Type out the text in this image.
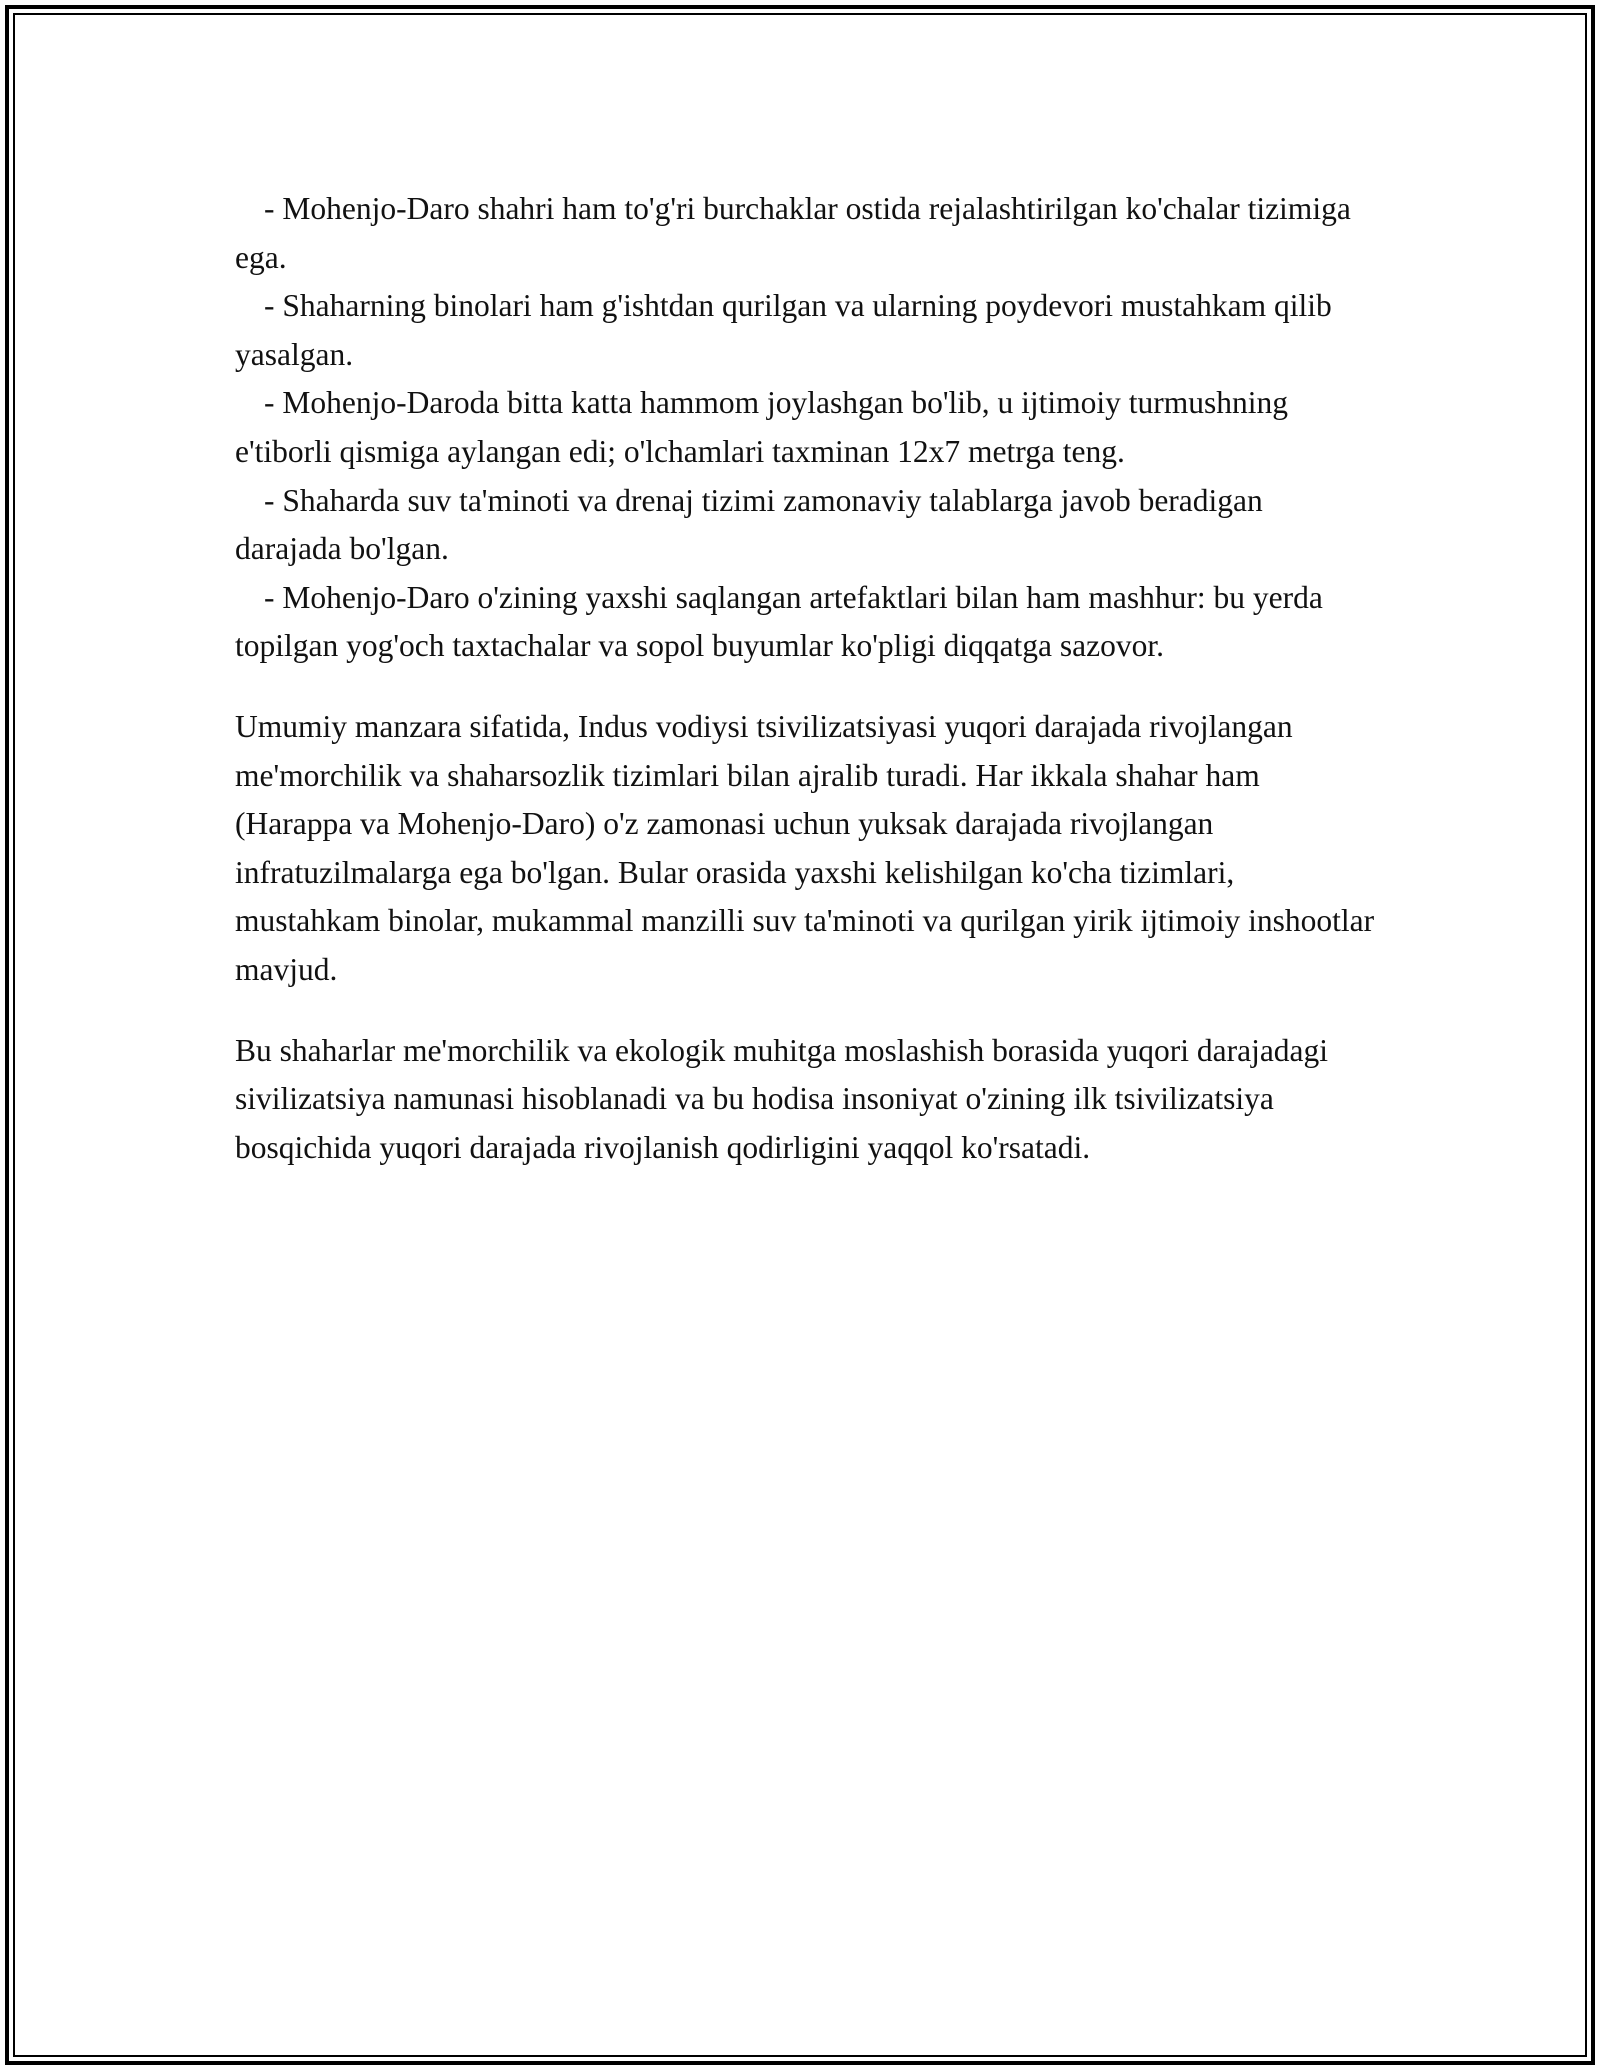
- Mohenjo-Daro shahri ham to'g'ri burchaklar ostida rejalashtirilgan ko'chalar tizimiga ega.

- Shaharning binolari ham g'ishtdan qurilgan va ularning poydevori mustahkam qilib yasalgan.

- Mohenjo-Daroda bitta katta hammom joylashgan bo'lib, u ijtimoiy turmushning e'tiborli qismiga aylangan edi; o'lchamlari taxminan 12x7 metrga teng.

- Shaharda suv ta'minoti va drenaj tizimi zamonaviy talablarga javob beradigan darajada bo'lgan.

- Mohenjo-Daro o'zining yaxshi saqlangan artefaktlari bilan ham mashhur: bu yerda topilgan yog'och taxtachalar va sopol buyumlar ko'pligi diqqatga sazovor.

Umumiy manzara sifatida, Indus vodiysi tsivilizatsiyasi yuqori darajada rivojlangan me'morchilik va shaharsozlik tizimlari bilan ajralib turadi. Har ikkala shahar ham (Harappa va Mohenjo-Daro) o'z zamonasi uchun yuksak darajada rivojlangan infratuzilmalarga ega bo'lgan. Bular orasida yaxshi kelishilgan ko'cha tizimlari, mustahkam binolar, mukammal manzilli suv ta'minoti va qurilgan yirik ijtimoiy inshootlar mavjud.

Bu shaharlar me'morchilik va ekologik muhitga moslashish borasida yuqori darajadagi sivilizatsiya namunasi hisoblanadi va bu hodisa insoniyat o'zining ilk tsivilizatsiya bosqichida yuqori darajada rivojlanish qodirligini yaqqol ko'rsatadi.
